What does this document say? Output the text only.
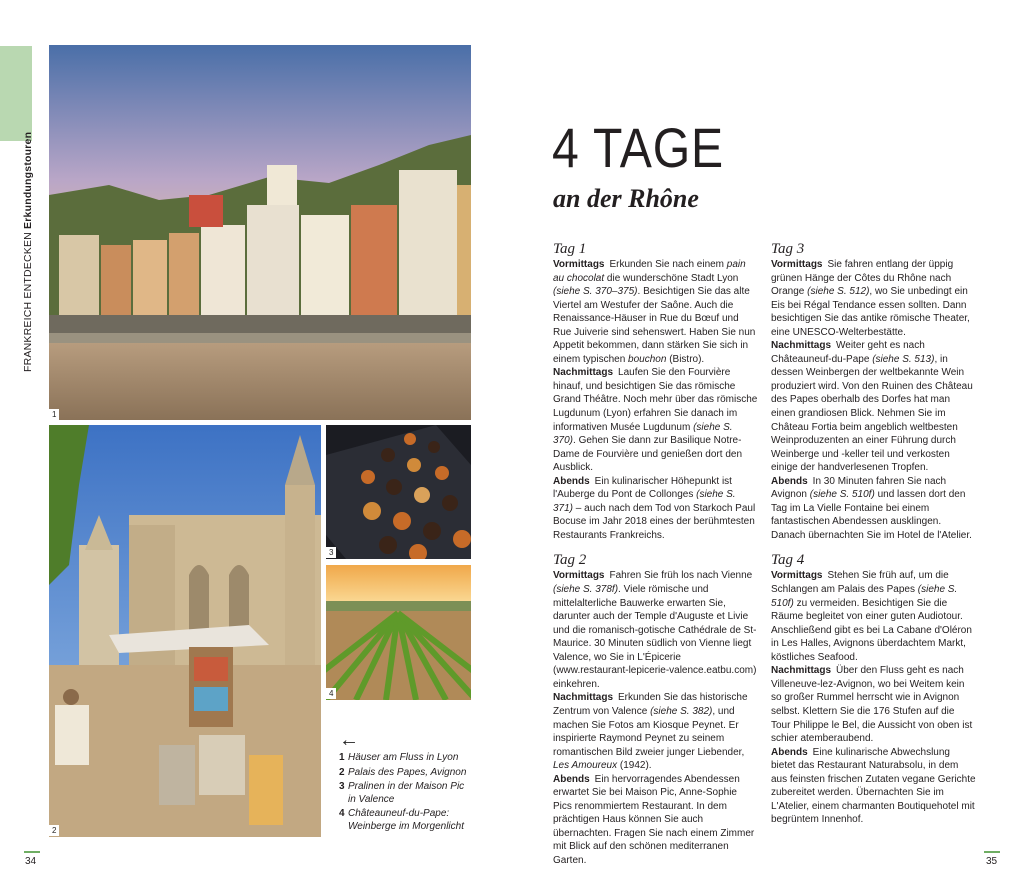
FRANKREICH ENTDECKEN Erkundungstouren
1
2
3
4
←
1 Häuser am Fluss in Lyon
2 Palais des Papes, Avignon
3 Pralinen in der Maison Pic in Valence
4 Châteauneuf-du-Pape: Weinberge im Morgenlicht
34	35
4 TAGE
an der Rhône
Tag 1

Vormittags  Erkunden Sie nach einem pain au chocolat die wunderschöne Stadt Lyon (siehe S. 370–375). Besichtigen Sie das alte Viertel am Westufer der Saône. Auch die Renaissance-Häuser in Rue du Bœuf und Rue Juiverie sind sehenswert. Haben Sie nun Appetit bekommen, dann stärken Sie sich in einem typischen bouchon (Bistro).

Nachmittags  Laufen Sie den Fourvière hinauf, und besichtigen Sie das römische Grand Théâtre. Noch mehr über das römische Lugdunum (Lyon) erfahren Sie danach im informativen Musée Lugdunum (siehe S. 370). Gehen Sie dann zur Basilique Notre-Dame de Fourvière und genießen dort den Ausblick.

Abends  Ein kulinarischer Höhepunkt ist l'Auberge du Pont de Collonges (siehe S. 371) – auch nach dem Tod von Starkoch Paul Bocuse im Jahr 2018 eines der berühmtesten Restaurants Frankreichs.

Tag 2

Vormittags  Fahren Sie früh los nach Vienne (siehe S. 378f). Viele römische und mittelalterliche Bauwerke erwarten Sie, darunter auch der Temple d'Auguste et Livie und die romanisch-gotische Cathédrale de St-Maurice. 30 Minuten südlich von Vienne liegt Valence, wo Sie in L'Épicerie (www.restaurant-lepicerie-valence.eatbu.com) einkehren.

Nachmittags  Erkunden Sie das historische Zentrum von Valence (siehe S. 382), und machen Sie Fotos am Kiosque Peynet. Er inspirierte Raymond Peynet zu seinem romantischen Bild zweier junger Liebender, Les Amoureux (1942).

Abends  Ein hervorragendes Abendessen erwartet Sie bei Maison Pic, Anne-Sophie Pics renommiertem Restaurant. In dem prächtigen Haus können Sie auch übernachten. Fragen Sie nach einem Zimmer mit Blick auf den schönen mediterranen Garten.

Tag 3

Vormittags  Sie fahren entlang der üppig grünen Hänge der Côtes du Rhône nach Orange (siehe S. 512), wo Sie unbedingt ein Eis bei Régal Tendance essen sollten. Dann besichtigen Sie das antike römische Theater, eine UNESCO-Welterbestätte.

Nachmittags  Weiter geht es nach Châteauneuf-du-Pape (siehe S. 513), in dessen Weinbergen der weltbekannte Wein produziert wird. Von den Ruinen des Château des Papes oberhalb des Dorfes hat man einen grandiosen Blick. Nehmen Sie im Château Fortia beim angeblich weltbesten Weinproduzenten an einer Führung durch Weinberge und -keller teil und verkosten einige der handverlesenen Tropfen.

Abends  In 30 Minuten fahren Sie nach Avignon (siehe S. 510f) und lassen dort den Tag im La Vielle Fontaine bei einem fantastischen Abendessen ausklingen. Danach übernachten Sie im Hotel de l'Atelier.

Tag 4

Vormittags  Stehen Sie früh auf, um die Schlangen am Palais des Papes (siehe S. 510f) zu vermeiden. Besichtigen Sie die Räume begleitet von einer guten Audiotour. Anschließend gibt es bei La Cabane d'Oléron in Les Halles, Avignons überdachtem Markt, köstliches Seafood.

Nachmittags  Über den Fluss geht es nach Villeneuve-lez-Avignon, wo bei Weitem kein so großer Rummel herrscht wie in Avignon selbst. Klettern Sie die 176 Stufen auf die Tour Philippe le Bel, die Aussicht von oben ist schier atemberaubend.

Abends  Eine kulinarische Abwechslung bietet das Restaurant Naturabsolu, in dem aus feinsten frischen Zutaten vegane Gerichte zubereitet werden. Übernachten Sie im L'Atelier, einem charmanten Boutiquehotel mit begrüntem Innenhof.
